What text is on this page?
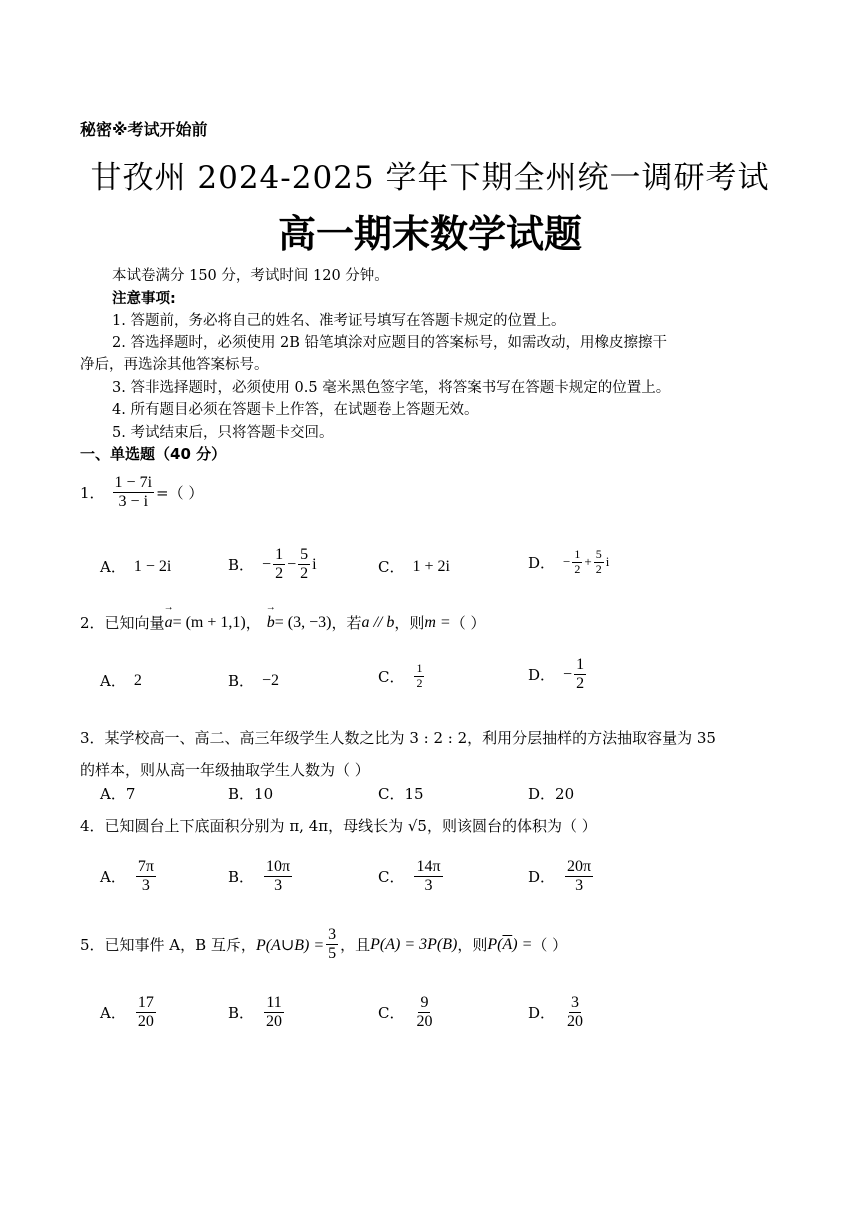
秘密※考试开始前
甘孜州 2024-2025 学年下期全州统一调研考试
高一期末数学试题
本试卷满分 150 分，考试时间 120 分钟。
注意事项:
1. 答题前，务必将自己的姓名、准考证号填写在答题卡规定的位置上。
2. 答选择题时，必须使用 2B 铅笔填涂对应题目的答案标号，如需改动，用橡皮擦擦干
净后，再选涂其他答案标号。
3. 答非选择题时，必须使用 0.5 毫米黑色签字笔，将答案书写在答题卡规定的位置上。
4. 所有题目必须在答题卡上作答，在试题卷上答题无效。
5. 考试结束后，只将答题卡交回。
一、单选题（40 分）
1． $\frac{1 - 7i}{3 - i}$ =（ ）
A． 1 − 2i	B． − $\frac{1}{2} - \frac{5}{2}$ i	C． 1 + 2i	D． − $\frac{1}{2} + \frac{5}{2}$ i
2． 已知向量 → a = (m + 1,1) ， → b = (3, −3) ，若 a // b ，则 m = （ ）
A． 2	B． −2	C． $\frac{1}{2}$	D． − $\frac{1}{2}$
3．某学校高一、高二、高三年级学生人数之比为 3 : 2 : 2，利用分层抽样的方法抽取容量为 35
的样本，则从高一年级抽取学生人数为（ ）
A．7	B．10	C．15	D．20
4．已知圆台上下底面积分别为 π, 4π，母线长为 √5，则该圆台的体积为（ ）
A． $\frac{7\pi}{3}$	B． $\frac{10\pi}{3}$	C． $\frac{14\pi}{3}$	D． $\frac{20\pi}{3}$
5．已知事件 A，B 互斥， P(A∪B) = $\frac{3}{5}$ ，且 P(A) = 3P(B) ，则 P( $\overline{A}$ ) = （ ）
A． $\frac{17}{20}$	B． $\frac{11}{20}$	C． $\frac{9}{20}$	D． $\frac{3}{20}$
